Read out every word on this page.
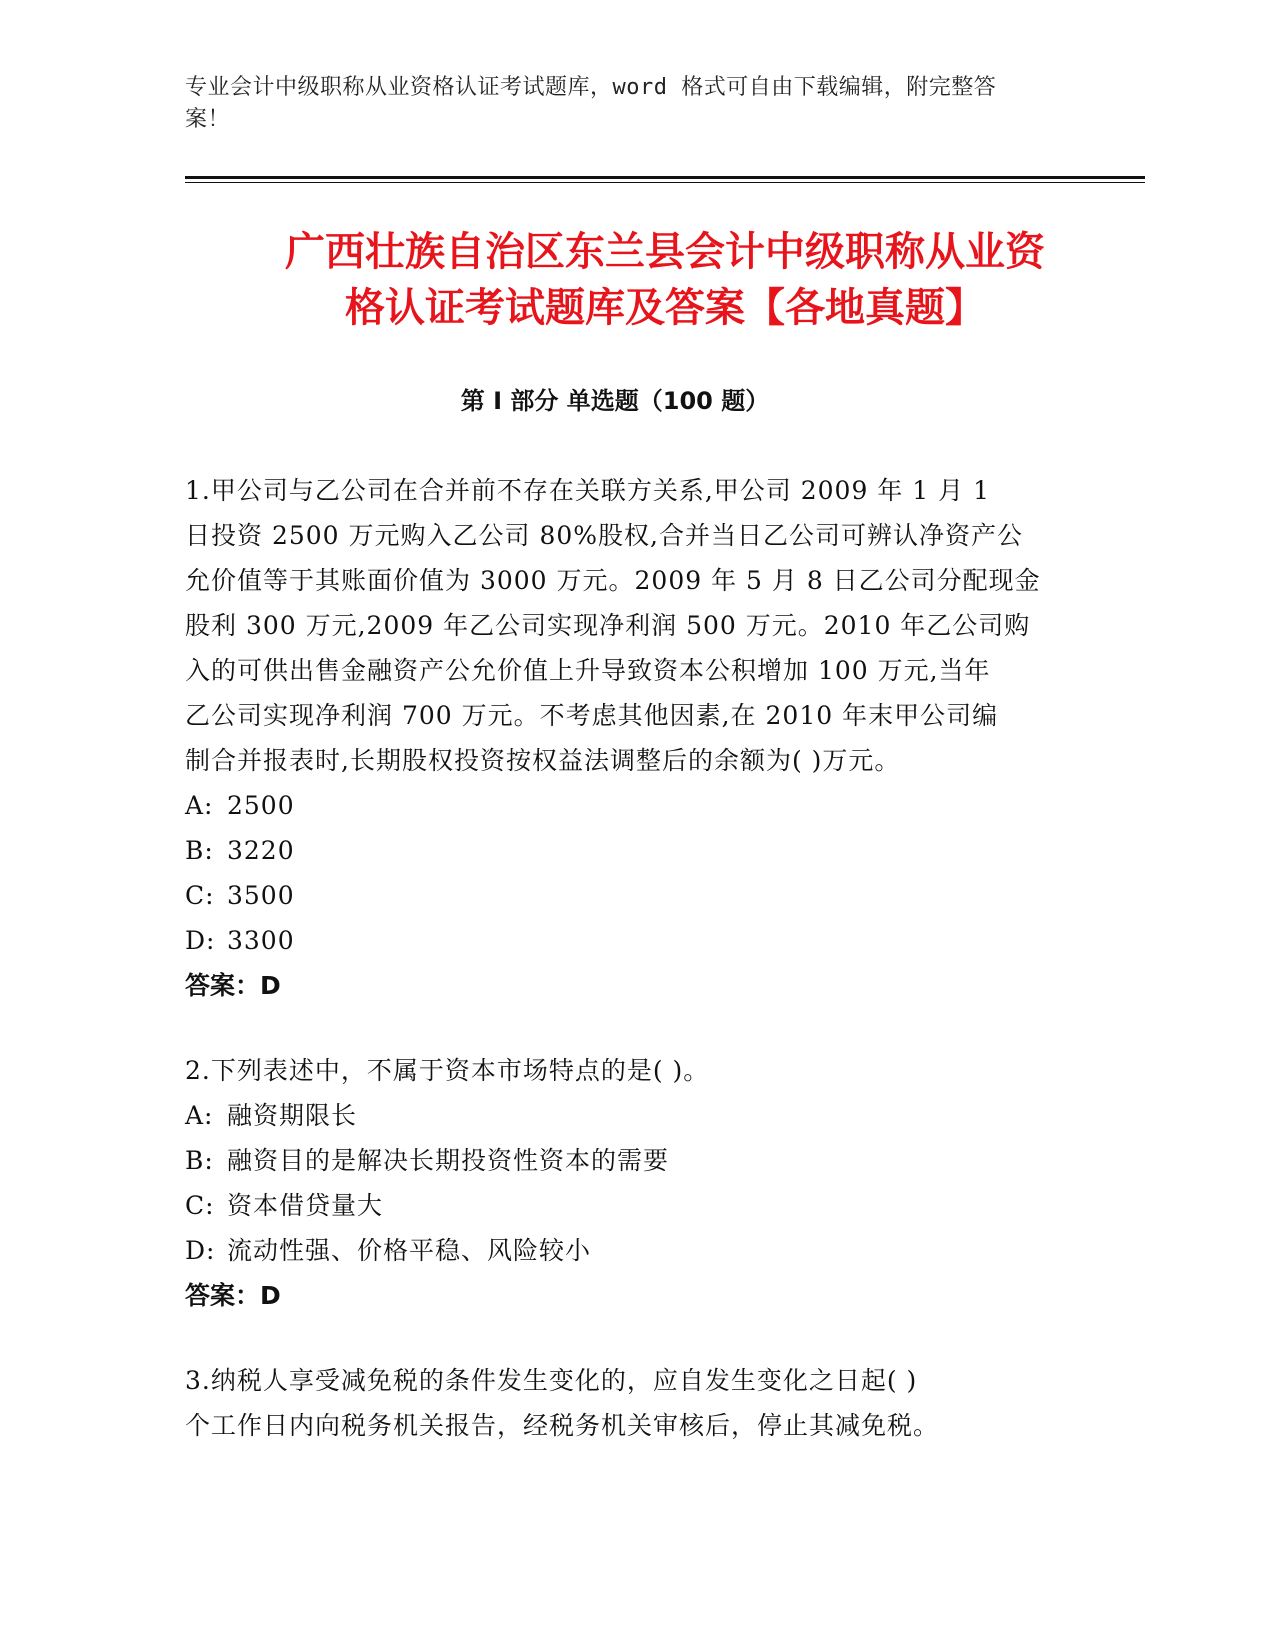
专业会计中级职称从业资格认证考试题库，word 格式可自由下载编辑，附完整答
案！
广西壮族自治区东兰县会计中级职称从业资
格认证考试题库及答案【各地真题】
第 I 部分 单选题（100 题）

1.甲公司与乙公司在合并前不存在关联方关系,甲公司 2009 年 1 月 1

日投资 2500 万元购入乙公司 80%股权,合并当日乙公司可辨认净资产公

允价值等于其账面价值为 3000 万元。2009 年 5 月 8 日乙公司分配现金

股利 300 万元,2009 年乙公司实现净利润 500 万元。2010 年乙公司购

入的可供出售金融资产公允价值上升导致资本公积增加 100 万元,当年

乙公司实现净利润 700 万元。不考虑其他因素,在 2010 年末甲公司编

制合并报表时,长期股权投资按权益法调整后的余额为( )万元。

A: 2500

B: 3220

C: 3500

D: 3300

答案：D

2.下列表述中，不属于资本市场特点的是( )。

A: 融资期限长

B: 融资目的是解决长期投资性资本的需要

C: 资本借贷量大

D: 流动性强、价格平稳、风险较小

答案：D

3.纳税人享受减免税的条件发生变化的，应自发生变化之日起( )

个工作日内向税务机关报告，经税务机关审核后，停止其减免税。
